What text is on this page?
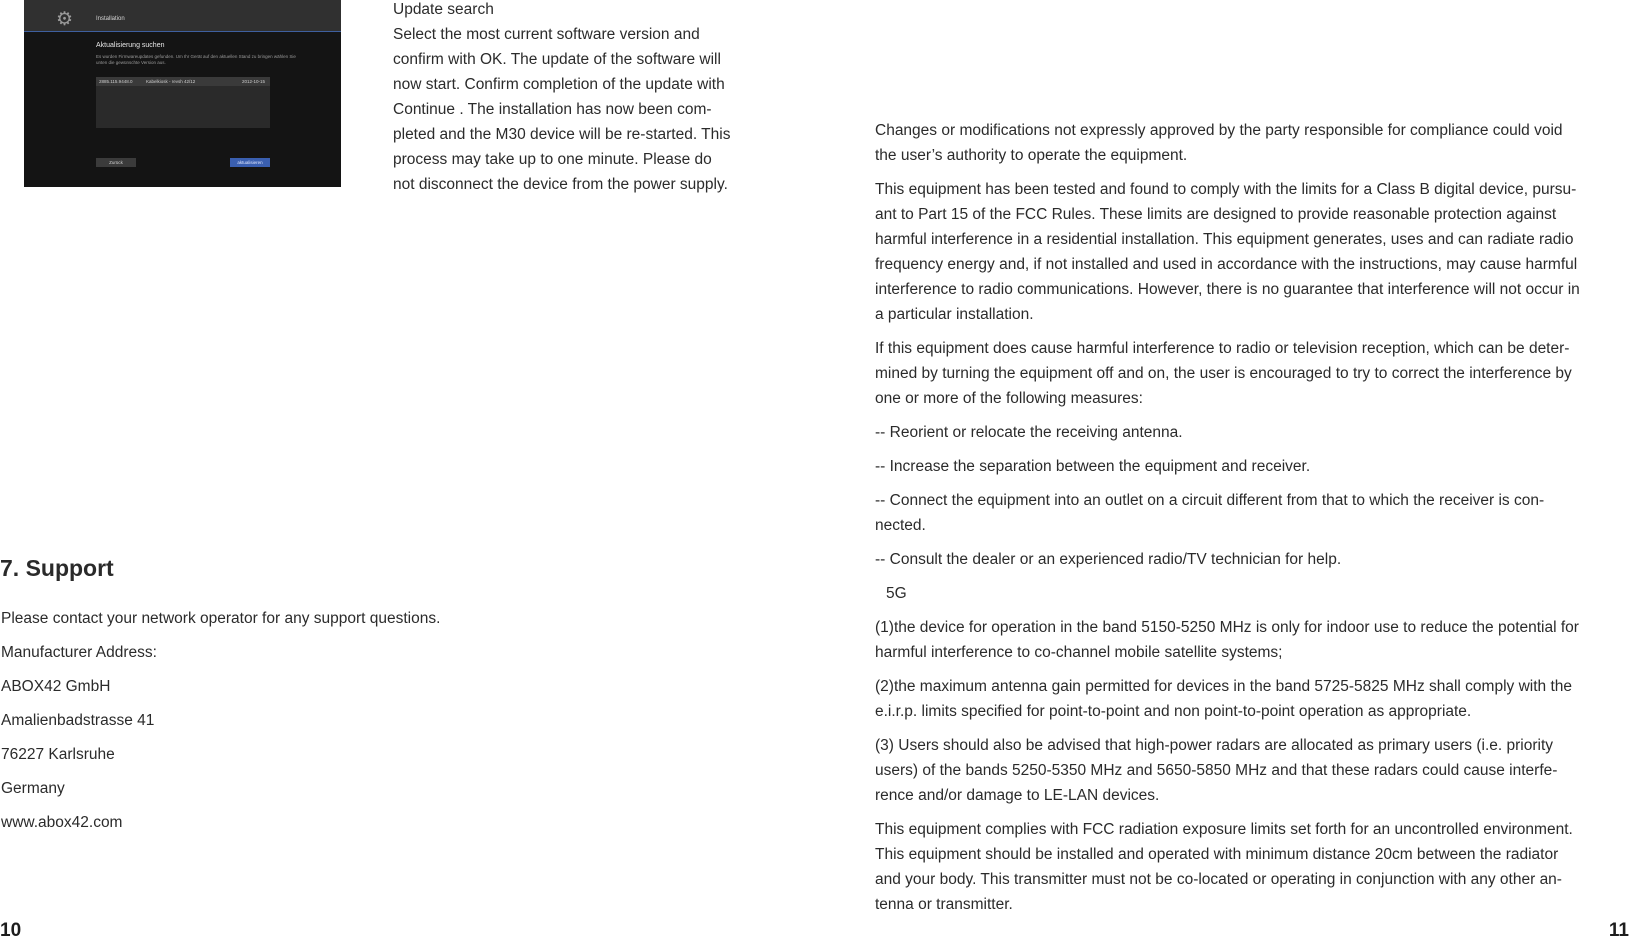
⚙	Installation
Aktualisierung suchen
Es wurden Firmwareupdates gefunden. Um Ihr Gerät auf den aktuellen Stand zu bringen wählen Sie unten die gewünschte Version aus.
2885.115.9448.0	Kabelkiosk - revsh 42/12	2012-10-15
Zurück	aktualisieren

Update search

Select the most current software version and

confirm with OK. The update of the software will

now start. Confirm completion of the update with

Continue . The installation has now been com-

pleted and the M30 device will be re-started. This

process may take up to one minute. Please do

not disconnect the device from the power supply.

7. Support

Please contact your network operator for any support questions.

Manufacturer Address:

ABOX42 GmbH

Amalienbadstrasse 41

76227 Karlsruhe

Germany

www.abox42.com

Changes or modifications not expressly approved by the party responsible for compliance could void
the user’s authority to operate the equipment.
This equipment has been tested and found to comply with the limits for a Class B digital device, pursu-
ant to Part 15 of the FCC Rules. These limits are designed to provide reasonable protection against
harmful interference in a residential installation. This equipment generates, uses and can radiate radio
frequency energy and, if not installed and used in accordance with the instructions, may cause harmful
interference to radio communications. However, there is no guarantee that interference will not occur in
a particular installation.
If this equipment does cause harmful interference to radio or television reception, which can be deter-
mined by turning the equipment off and on, the user is encouraged to try to correct the interference by
one or more of the following measures:
-- Reorient or relocate the receiving antenna.
-- Increase the separation between the equipment and receiver.
-- Connect the equipment into an outlet on a circuit different from that to which the receiver is con-
nected.
-- Consult the dealer or an experienced radio/TV technician for help.
5G
(1)the device for operation in the band 5150-5250 MHz is only for indoor use to reduce the potential for
harmful interference to co-channel mobile satellite systems;
(2)the maximum antenna gain permitted for devices in the band 5725-5825 MHz shall comply with the
e.i.r.p. limits specified for point-to-point and non point-to-point operation as appropriate.
(3) Users should also be advised that high-power radars are allocated as primary users (i.e. priority
users) of the bands 5250-5350 MHz and 5650-5850 MHz and that these radars could cause interfe-
rence and/or damage to LE-LAN devices.
This equipment complies with FCC radiation exposure limits set forth for an uncontrolled environment.
This equipment should be installed and operated with minimum distance 20cm between the radiator
and your body. This transmitter must not be co-located or operating in conjunction with any other an-
tenna or transmitter.
10	11
